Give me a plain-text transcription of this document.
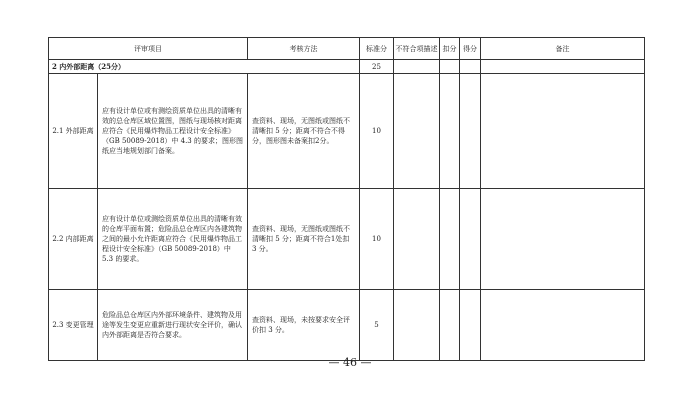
评审项目		考核方法	标准分	不符合项描述	扣分	得分	备注
2 内外部距离（25分）			25				
2.1 外部距离	应有设计单位或有测绘资质单位出具的清晰有效的总仓库区域位置图，图纸与现场核对距离应符合《民用爆炸物品工程设计安全标准》（GB 50089-2018）中 4.3 的要求；图形图纸应当地规划部门备案。	查资料、现场，无图纸或图纸不清晰扣 5 分；距离不符合不得分，图形图未备案扣2分。	10				
2.2 内部距离	应有设计单位或测绘资质单位出具的清晰有效的仓库平面布置；危险品总仓库区内各建筑物之间的最小允许距离应符合《民用爆炸物品工程设计安全标准》（GB 50089-2018）中 5.3 的要求。	查资料、现场，无图纸或图纸不清晰扣 5 分；距离不符合1处扣 3 分。	10				
2.3 变更管理	危险品总仓库区内外部环境条件、建筑物及用途等发生变更应重新进行现状安全评价，确认内外部距离是否符合要求。	查资料、现场，未按要求安全评价扣 3 分。	5				
— 46 —
